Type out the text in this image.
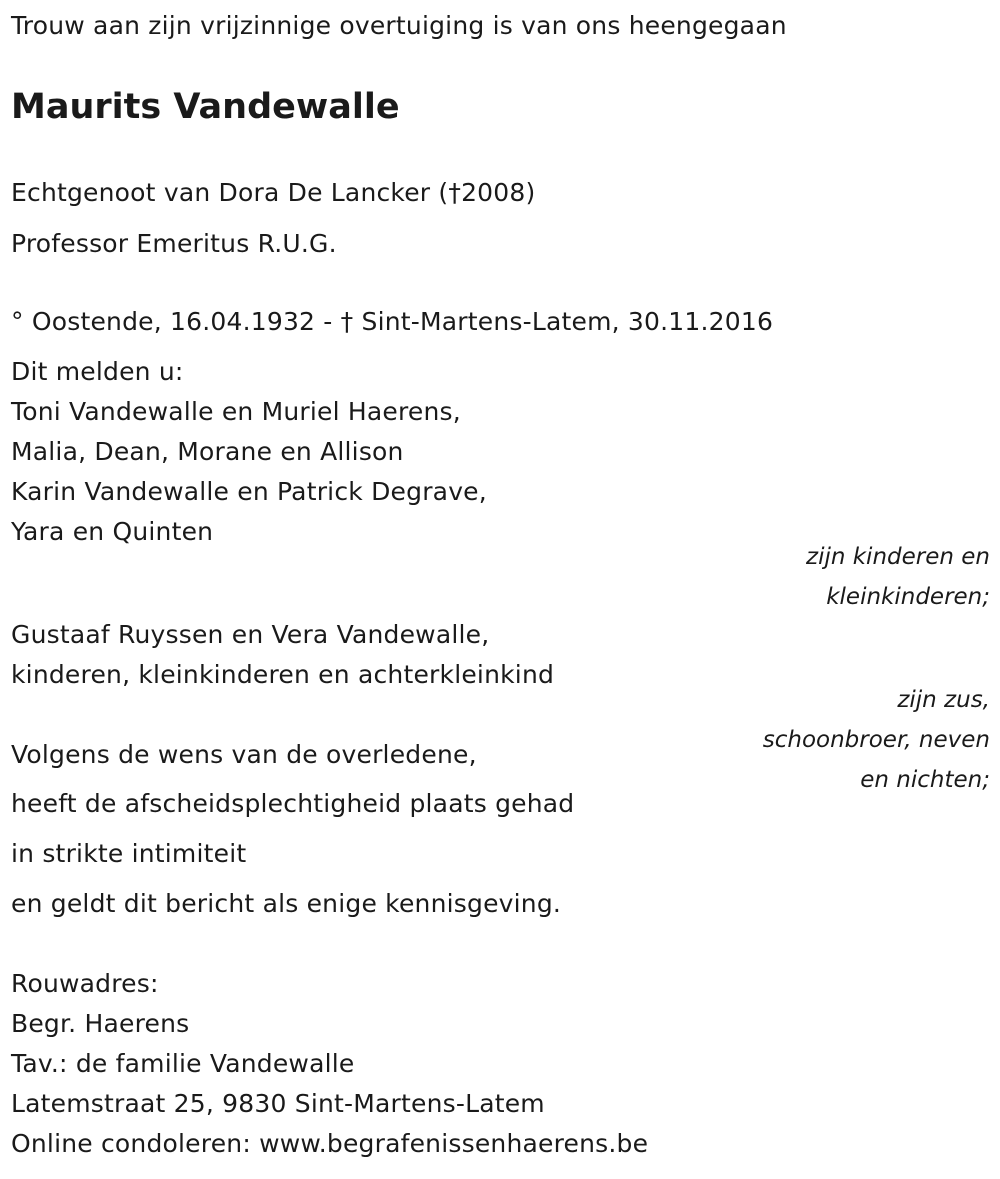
Trouw aan zijn vrijzinnige overtuiging is van ons heengegaan
Maurits Vandewalle
Echtgenoot van Dora De Lancker (†2008)
Professor Emeritus R.U.G.
° Oostende, 16.04.1932 - † Sint-Martens-Latem, 30.11.2016
Dit melden u:
Toni Vandewalle en Muriel Haerens,
Malia, Dean, Morane en Allison
Karin Vandewalle en Patrick Degrave,
Yara en Quinten
zijn kinderen en
kleinkinderen;
Gustaaf Ruyssen en Vera Vandewalle,
kinderen, kleinkinderen en achterkleinkind
zijn zus,
schoonbroer, neven
en nichten;
Volgens de wens van de overledene,
heeft de afscheidsplechtigheid plaats gehad
in strikte intimiteit
en geldt dit bericht als enige kennisgeving.
Rouwadres:
Begr. Haerens
Tav.: de familie Vandewalle
Latemstraat 25, 9830 Sint-Martens-Latem
Online condoleren: www.begrafenissenhaerens.be
